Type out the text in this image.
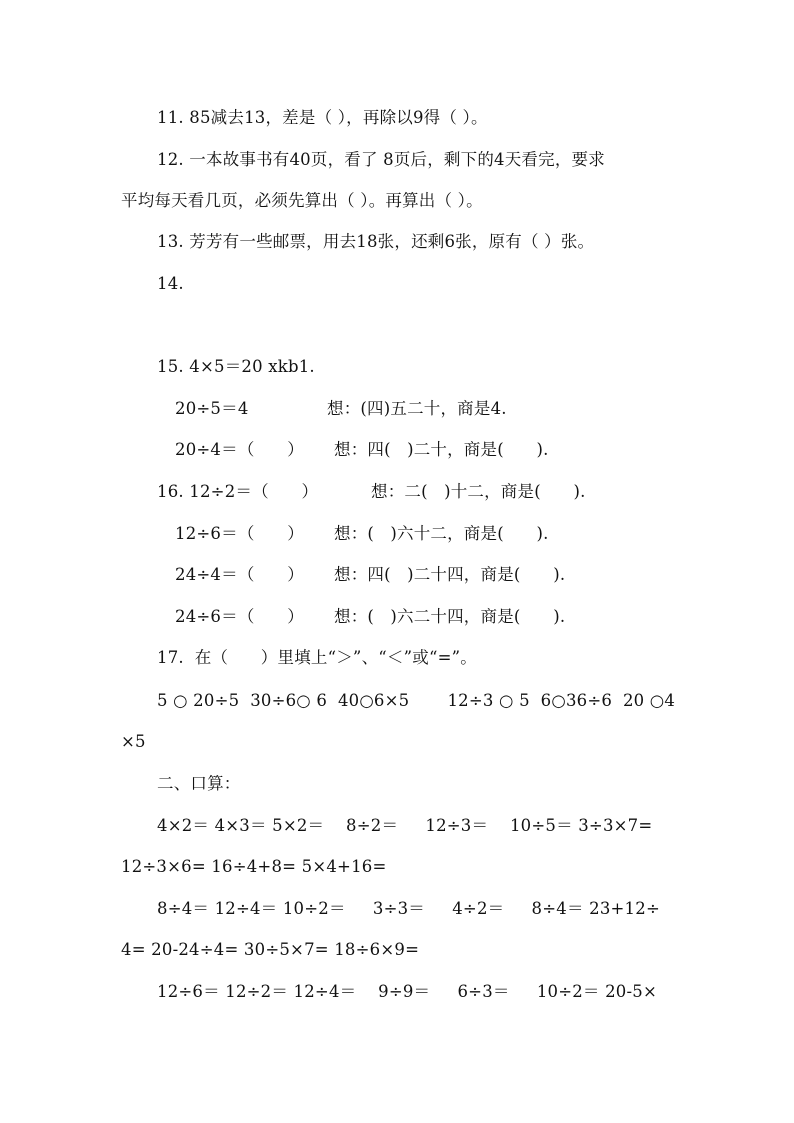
11. 85减去13，差是（ ），再除以9得（ ）。
12. 一本故事书有40页，看了 8页后，剩下的4天看完，要求
平均每天看几页，必须先算出（ ）。再算出（ ）。
13. 芳芳有一些邮票，用去18张，还剩6张，原有（ ）张。
14.
15. 4×5＝20 xkb1.
20÷5＝4	想：(四)五二十，商是4.
20÷4＝（      ） 想：四(   )二十，商是(      ).
16. 12÷2＝（      ）	想：二(   )十二，商是(      ).
12÷6＝（      ） 想：(   )六十二，商是(      ).
24÷4＝（      ） 想：四(   )二十四，商是(      ).
24÷6＝（      ） 想：(   )六二十四，商是(      ).
17.  在（      ）里填上“＞”、“＜”或“=”。
5 ○ 20÷5  30÷6○ 6  40○6×5       12÷3 ○ 5  6○36÷6  20 ○4
×5
二、口算：
4×2＝ 4×3＝ 5×2＝    8÷2＝     12÷3＝    10÷5＝ 3÷3×7=
12÷3×6= 16÷4+8= 5×4+16=
8÷4＝ 12÷4＝ 10÷2＝     3÷3＝     4÷2＝     8÷4＝ 23+12÷
4= 20-24÷4= 30÷5×7= 18÷6×9=
12÷6＝ 12÷2＝ 12÷4＝    9÷9＝     6÷3＝     10÷2＝ 20-5×
